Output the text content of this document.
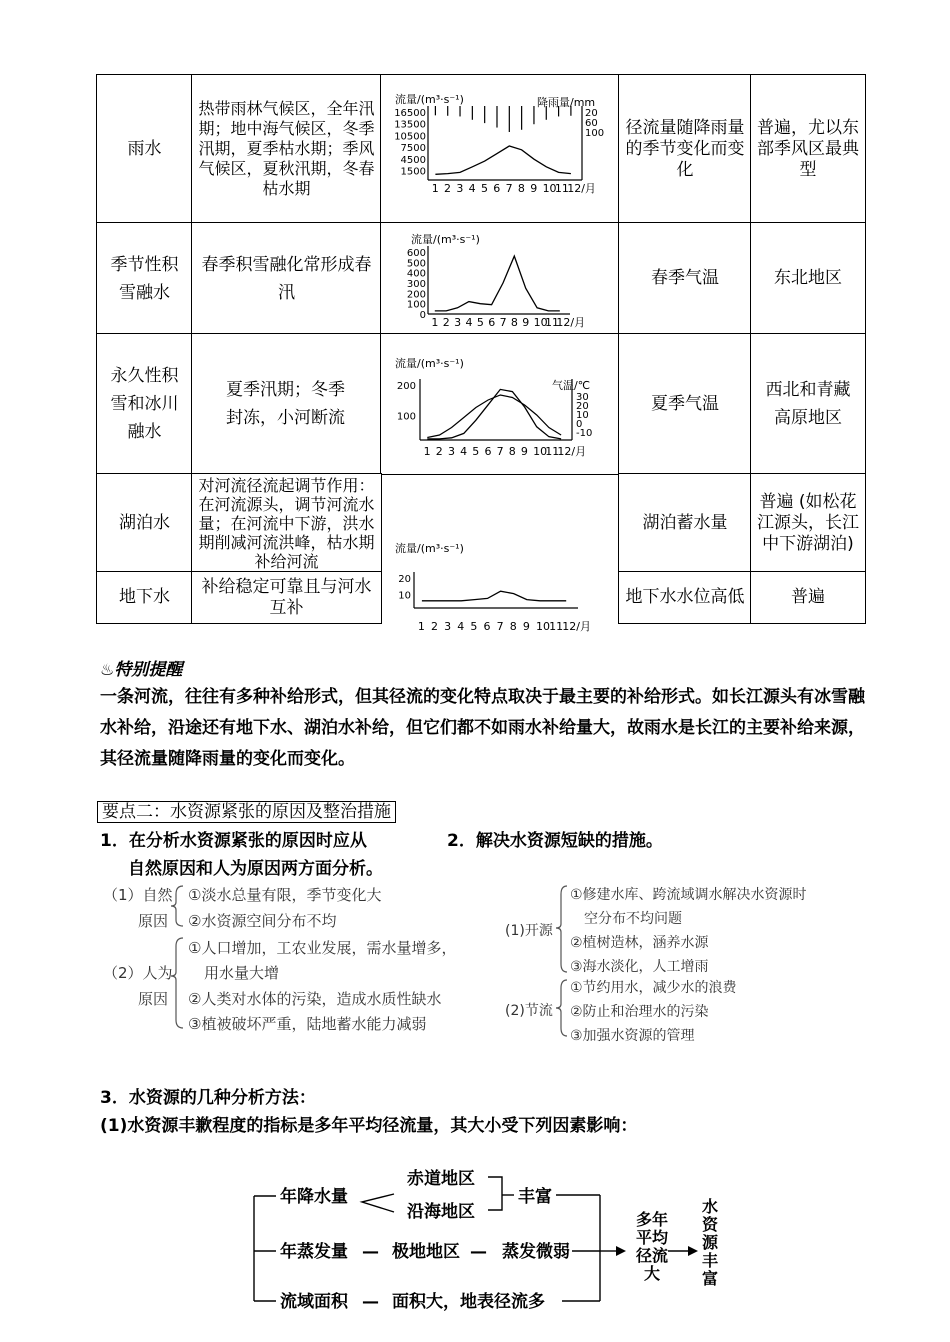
雨水
热带雨林气候区，全年汛期；地中海气候区，冬季汛期，夏季枯水期；季风气候区，夏秋汛期，冬春枯水期
径流量随降雨量的季节变化而变化
普遍，尤以东部季风区最典型
季节性积雪融水
春季积雪融化常形成春汛
春季气温	东北地区
永久性积雪和冰川融水
夏季汛期；冬季封冻，小河断流
夏季气温
西北和青藏高原地区
湖泊水
对河流径流起调节作用：在河流源头，调节河流水量；在河流中下游，洪水期削减河流洪峰，枯水期补给河流
湖泊蓄水量
普遍 (如松花江源头，长江中下游湖泊)
地下水
补给稳定可靠且与河水互补
地下水水位高低	普遍
流量/(m³·s⁻¹)
16500
13500
10500
7500
4500
1500
1 2 3 4 5 6 7 8 9 10
11
12/月
降雨量/mm
20
60
100
流量/(m³·s⁻¹)
600
500
400
300
200
100
0
1 2 3 4 5 6 7 8 9 10
11
12/月
流量/(m³·s⁻¹)
200
100
1 2 3 4 5 6 7 8 9 10
11
12/月
气温/℃
30
20
10
0
-10
流量/(m³·s⁻¹)
20
10
1 2 3 4 5 6 7 8 9 10 11 12/月
♨特别提醒
一条河流，往往有多种补给形式，但其径流的变化特点取决于最主要的补给形式。如长江源头有冰雪融水补给，沿途还有地下水、湖泊水补给，但它们都不如雨水补给量大，故雨水是长江的主要补给来源，其径流量随降雨量的变化而变化。
要点二：水资源紧张的原因及整治措施
1．在分析水资源紧张的原因时应从
自然原因和人为原因两方面分析。
2．解决水资源短缺的措施。
（1）自然
原因
①淡水总量有限，季节变化大
②水资源空间分布不均
（2）人为
原因
①人口增加，工农业发展，需水量增多，
用水量大增
②人类对水体的污染，造成水质性缺水
③植被破坏严重，陆地蓄水能力减弱
(1)开源
①修建水库、跨流域调水解决水资源时
空分布不均问题
②植树造林，涵养水源
③海水淡化，人工增雨
(2)节流
①节约用水，减少水的浪费
②防止和治理水的污染
③加强水资源的管理
3．水资源的几种分析方法：
(1)水资源丰歉程度的指标是多年平均径流量，其大小受下列因素影响：
年降水量
赤道地区
沿海地区
丰富
年蒸发量 — 极地地区 — 蒸发微弱
流域面积 — 面积大，地表径流多
多 年
平 均
径 流
大
水
资
源
丰
富
